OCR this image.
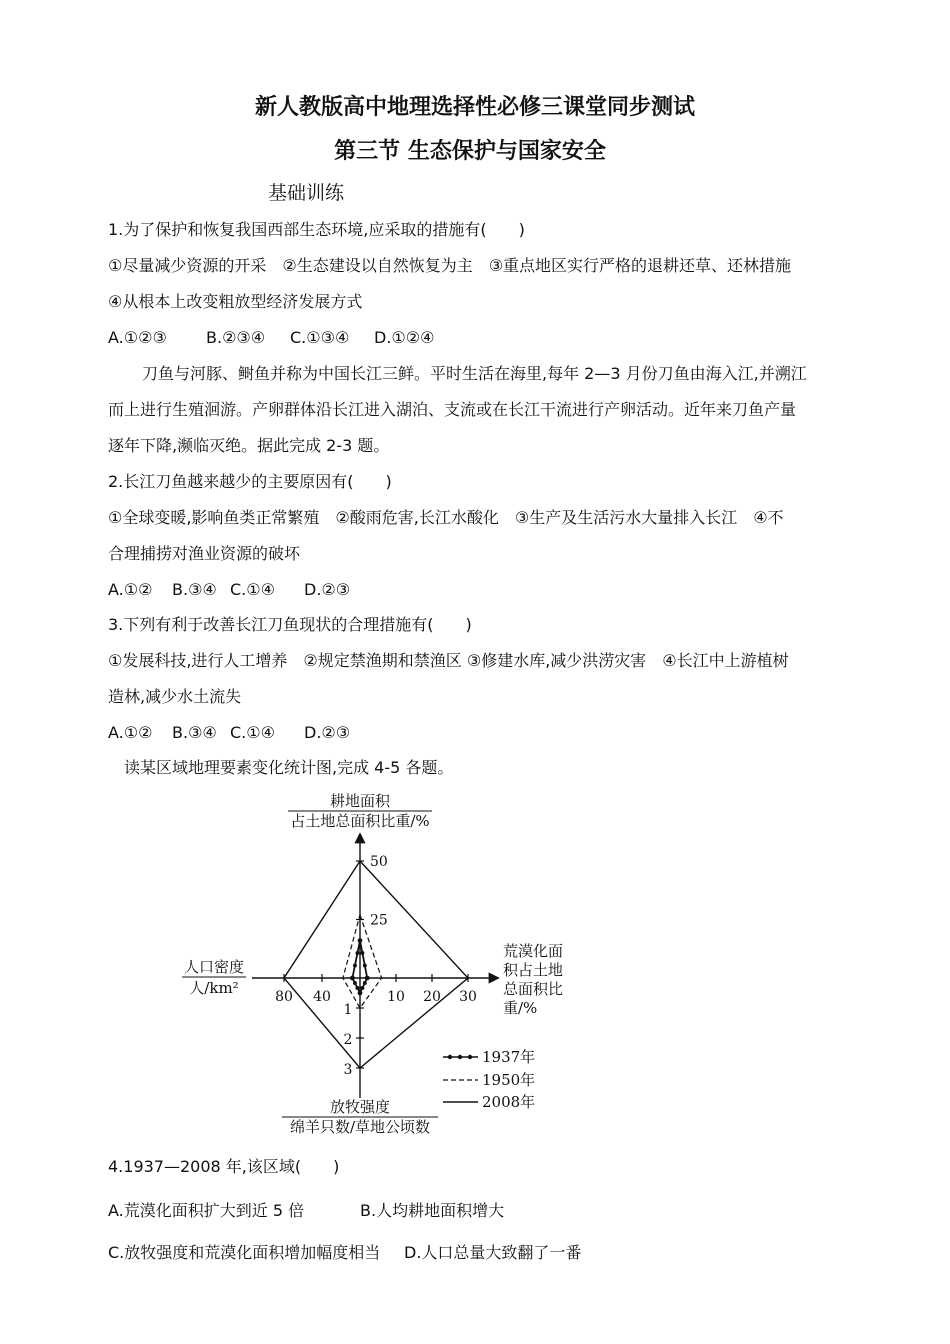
新人教版高中地理选择性必修三课堂同步测试
第三节 生态保护与国家安全
基础训练
1.为了保护和恢复我国西部生态环境,应采取的措施有(　　)
①尽量减少资源的开采　②生态建设以自然恢复为主　③重点地区实行严格的退耕还草、还林措施
④从根本上改变粗放型经济发展方式
A.①②③ B.②③④ C.①③④ D.①②④
刀鱼与河豚、鲥鱼并称为中国长江三鲜。平时生活在海里,每年 2—3 月份刀鱼由海入江,并溯江
而上进行生殖洄游。产卵群体沿长江进入湖泊、支流或在长江干流进行产卵活动。近年来刀鱼产量
逐年下降,濒临灭绝。据此完成 2-3 题。
2.长江刀鱼越来越少的主要原因有(　　)
①全球变暖,影响鱼类正常繁殖　②酸雨危害,长江水酸化　③生产及生活污水大量排入长江　④不
合理捕捞对渔业资源的破坏
A.①② B.③④ C.①④ D.②③
3.下列有利于改善长江刀鱼现状的合理措施有(　　)
①发展科技,进行人工增养　②规定禁渔期和禁渔区 ③修建水库,减少洪涝灾害　④长江中上游植树
造林,减少水土流失
A.①② B.③④ C.①④ D.②③
读某区域地理要素变化统计图,完成 4-5 各题。
25
50
10 20 30
40
80
1
2
3
耕地面积
占土地总面积比重/%
荒漠化面
积占土地
总面积比
重/%
人口密度
人/km²
放牧强度
绵羊只数/草地公顷数
1937年
1950年
2008年
4.1937—2008 年,该区域(　　)
A.荒漠化面积扩大到近 5 倍	B.人均耕地面积增大
C.放牧强度和荒漠化面积增加幅度相当 D.人口总量大致翻了一番
